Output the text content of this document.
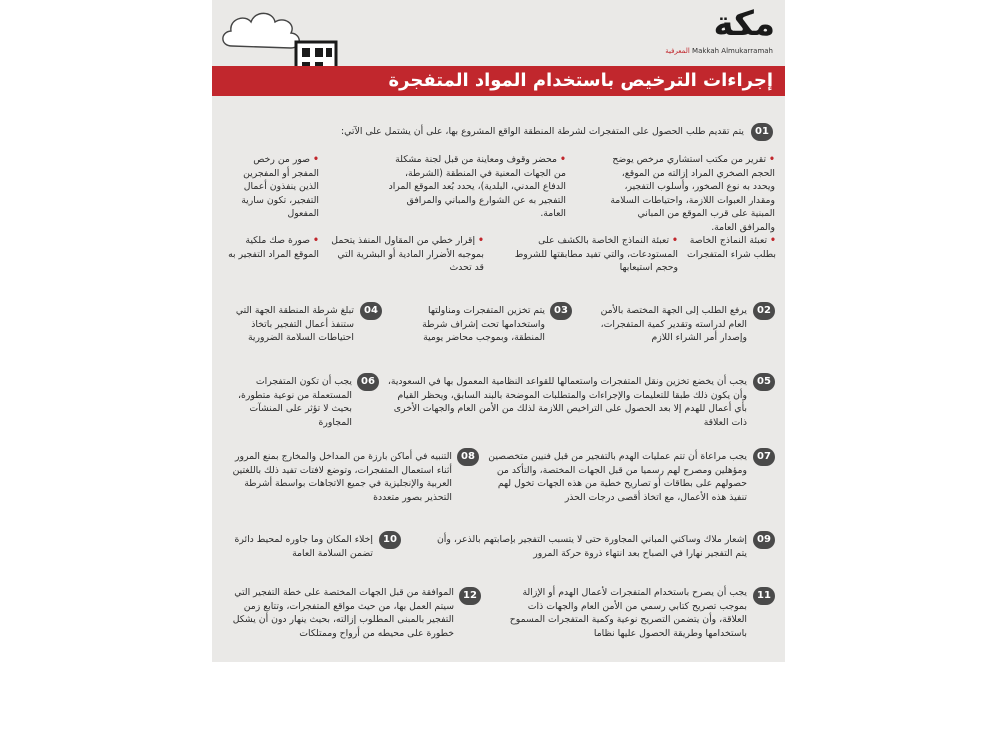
مكة
المعرفية Makkah Almukarramah
إجراءات الترخيص باستخدام المواد المتفجرة
01

يتم تقديم طلب الحصول على المتفجرات لشرطة المنطقة الواقع المشروع بها، على أن يشتمل على الآتي:

• تقرير من مكتب استشاري مرخص يوضح الحجم الصخري المراد إزالته من الموقع، ويحدد به نوع الصخور، وأسلوب التفجير، ومقدار العبوات اللازمة، واحتياطات السلامة المبنية على قرب الموقع من المباني والمرافق العامة.
• محضر وقوف ومعاينة من قبل لجنة مشكلة من الجهات المعنية في المنطقة (الشرطة، الدفاع المدني، البلدية)، يحدد بُعد الموقع المراد التفجير به عن الشوارع والمباني والمرافق العامة.
• صور من رخص المفجر أو المفجرين الذين ينفذون أعمال التفجير، تكون سارية المفعول
• تعبئة النماذج الخاصة بطلب شراء المتفجرات
• تعبئة النماذج الخاصة بالكشف على المستودعات، والتي تفيد مطابقتها للشروط وحجم استيعابها
• إقرار خطي من المقاول المنفذ يتحمل بموجبه الأضرار المادية أو البشرية التي قد تحدث
• صورة صك ملكية الموقع المراد التفجير به
02

يرفع الطلب إلى الجهة المختصة بالأمن العام لدراسته وتقدير كمية المتفجرات، وإصدار أمر الشراء اللازم

03

يتم تخزين المتفجرات ومناولتها واستخدامها تحت إشراف شرطة المنطقة، وبموجب محاضر يومية

04

تبلغ شرطة المنطقة الجهة التي ستنفذ أعمال التفجير باتخاذ احتياطات السلامة الضرورية

05

يجب أن يخضع تخزين ونقل المتفجرات واستعمالها للقواعد النظامية المعمول بها في السعودية، وأن يكون ذلك طبقا للتعليمات والإجراءات والمتطلبات الموضحة بالبند السابق، ويحظر القيام بأي أعمال للهدم إلا بعد الحصول على التراخيص اللازمة لذلك من الأمن العام والجهات الأخرى ذات العلاقة

06

يجب أن تكون المتفجرات المستعملة من نوعية متطورة، بحيث لا تؤثر على المنشآت المجاورة

07

يجب مراعاة أن تتم عمليات الهدم بالتفجير من قبل فنيين متخصصين ومؤهلين ومصرح لهم رسميا من قبل الجهات المختصة، والتأكد من حصولهم على بطاقات أو تصاريح خطية من هذه الجهات تخول لهم تنفيذ هذه الأعمال، مع اتخاذ أقصى درجات الحذر

08

التنبيه في أماكن بارزة من المداخل والمخارج بمنع المرور أثناء استعمال المتفجرات، وتوضع لافتات تفيد ذلك باللغتين العربية والإنجليزية في جميع الاتجاهات بواسطة أشرطة التحذير بصور متعددة

09

إشعار ملاك وساكني المباني المجاورة حتى لا يتسبب التفجير بإصابتهم بالذعر، وأن يتم التفجير نهارا في الصباح بعد انتهاء ذروة حركة المرور

10

إخلاء المكان وما جاوره لمحيط دائرة تضمن السلامة العامة

11

يجب أن يصرح باستخدام المتفجرات لأعمال الهدم أو الإزالة بموجب تصريح كتابي رسمي من الأمن العام والجهات ذات العلاقة، وأن يتضمن التصريح نوعية وكمية المتفجرات المسموح باستخدامها وطريقة الحصول عليها نظاما

12

الموافقة من قبل الجهات المختصة على خطة التفجير التي سيتم العمل بها، من حيث مواقع المتفجرات، وتتابع زمن التفجير بالمبنى المطلوب إزالته، بحيث ينهار دون أن يشكل خطورة على محيطه من أرواح وممتلكات
